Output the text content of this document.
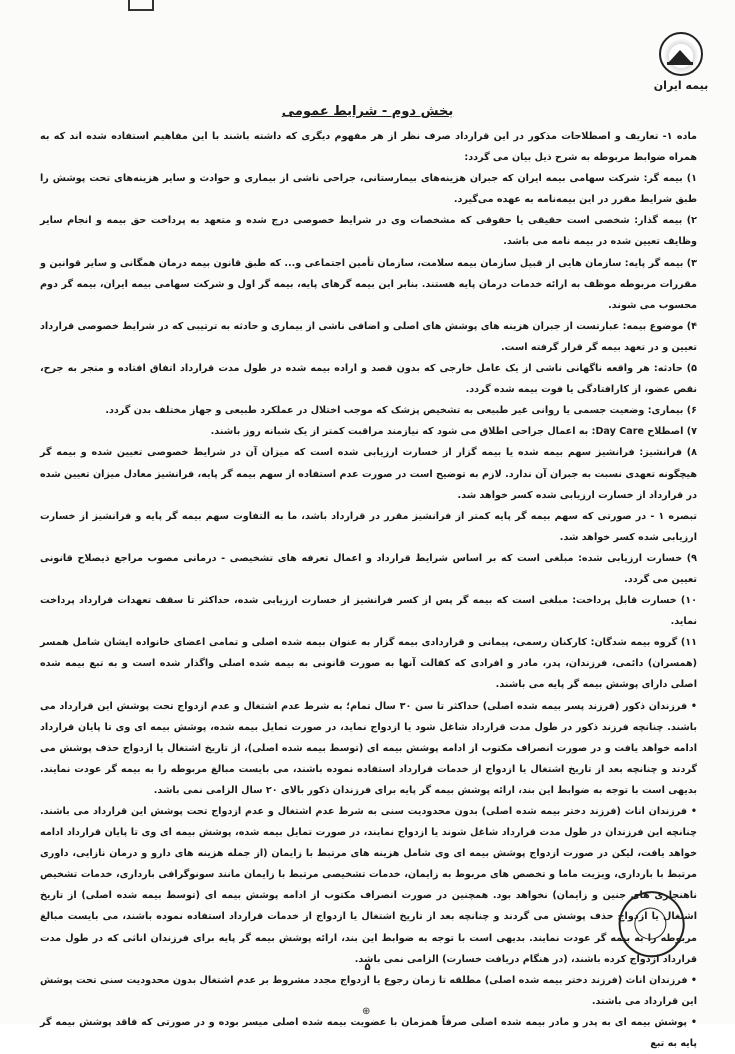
بیمه ایران
بخش دوم - شرایط عمومی

ماده ۱- تعاریف و اصطلاحات مذکور در این قرارداد صرف نظر از هر مفهوم دیگری که داشته باشند با این مفاهیم استفاده شده اند که به همراه ضوابط مربوطه به شرح ذیل بیان می گردد:

۱) بیمه گر: شرکت سهامی بیمه ایران که جبران هزینه‌های بیمارستانی، جراحی ناشی از بیماری و حوادث و سایر هزینه‌های تحت پوشش را طبق شرایط مقرر در این بیمه‌نامه به عهده می‌گیرد.

۲) بیمه گذار: شخصی است حقیقی یا حقوقی که مشخصات وی در شرایط خصوصی درج شده و متعهد به پرداخت حق بیمه و انجام سایر وظایف تعیین شده در بیمه نامه می باشد.

۳) بیمه گر پایه: سازمان هایی از قبیل سازمان بیمه سلامت، سازمان تأمین اجتماعی و... که طبق قانون بیمه درمان همگانی و سایر قوانین و مقررات مربوطه موظف به ارائه خدمات درمان پایه هستند. بنابر این بیمه گرهای پایه، بیمه گر اول و شرکت سهامی بیمه ایران، بیمه گر دوم محسوب می شوند.

۴) موضوع بیمه: عبارتست از جبران هزینه های پوشش های اصلی و اضافی ناشی از بیماری و حادثه به ترتیبی که در شرایط خصوصی قرارداد تعیین و در تعهد بیمه گر قرار گرفته است.

۵) حادثه: هر واقعه ناگهانی ناشی از یک عامل خارجی که بدون قصد و اراده بیمه شده در طول مدت قرارداد اتفاق افتاده و منجر به جرح، نقص عضو، از کارافتادگی یا فوت بیمه شده گردد.

۶) بیماری: وضعیت جسمی یا روانی غیر طبیعی به تشخیص پزشک که موجب اختلال در عملکرد طبیعی و جهاز مختلف بدن گردد.

۷) اصطلاح Day Care: به اعمال جراحی اطلاق می شود که نیازمند مراقبت کمتر از یک شبانه روز باشند.

۸) فرانشیز: فرانشیز سهم بیمه شده یا بیمه گزار از خسارت ارزیابی شده است که میزان آن در شرایط خصوصی تعیین شده و بیمه گر هیچگونه تعهدی نسبت به جبران آن ندارد. لازم به توضیح است در صورت عدم استفاده از سهم بیمه گر پایه، فرانشیز معادل میزان تعیین شده در قرارداد از خسارت ارزیابی شده کسر خواهد شد.

تبصره ۱ - در صورتی که سهم بیمه گر پایه کمتر از فرانشیز مقرر در قرارداد باشد، ما به التفاوت سهم بیمه گر پایه و فرانشیز از خسارت ارزیابی شده کسر خواهد شد.

۹) خسارت ارزیابی شده: مبلغی است که بر اساس شرایط قرارداد و اعمال تعرفه های تشخیصی - درمانی مصوب مراجع ذیصلاح قانونی تعیین می گردد.

۱۰) خسارت قابل پرداخت: مبلغی است که بیمه گر پس از کسر فرانشیز از خسارت ارزیابی شده، حداکثر تا سقف تعهدات قرارداد پرداخت نماید.

۱۱) گروه بیمه شدگان: کارکنان رسمی، پیمانی و قراردادی بیمه گزار به عنوان بیمه شده اصلی و تمامی اعضای خانواده ایشان شامل همسر (همسران) دائمی، فرزندان، پدر، مادر و افرادی که کفالت آنها به صورت قانونی به بیمه شده اصلی واگذار شده است و به تبع بیمه شده اصلی دارای پوشش بیمه گر پایه می باشند.

• فرزندان ذکور (فرزند پسر بیمه شده اصلی) حداکثر تا سن ۳۰ سال تمام؛ به شرط عدم اشتغال و عدم ازدواج تحت پوشش این قرارداد می باشند. چنانچه فرزند ذکور در طول مدت قرارداد شاغل شود یا ازدواج نماید، در صورت تمایل بیمه شده، پوشش بیمه ای وی تا پایان قرارداد ادامه خواهد یافت و در صورت انصراف مکتوب از ادامه پوشش بیمه ای (توسط بیمه شده اصلی)، از تاریخ اشتغال یا ازدواج حذف پوشش می گردند و چنانچه بعد از تاریخ اشتغال یا ازدواج از خدمات قرارداد استفاده نموده باشند، می بایست مبالغ مربوطه را به بیمه گر عودت نمایند. بدیهی است با توجه به ضوابط این بند، ارائه پوشش بیمه گر پایه برای فرزندان ذکور بالای ۲۰ سال الزامی نمی باشد.

• فرزندان اناث (فرزند دختر بیمه شده اصلی) بدون محدودیت سنی به شرط عدم اشتغال و عدم ازدواج تحت پوشش این قرارداد می باشند. چنانچه این فرزندان در طول مدت قرارداد شاغل شوند یا ازدواج نمایند، در صورت تمایل بیمه شده، پوشش بیمه ای وی تا پایان قرارداد ادامه خواهد یافت، لیکن در صورت ازدواج پوشش بیمه ای وی شامل هزینه های مرتبط با زایمان (از جمله هزینه های دارو و درمان نازایی، داوری مرتبط با بارداری، ویزیت ماما و تخصص های مربوط به زایمان، خدمات تشخیصی مرتبط با زایمان مانند سونوگرافی بارداری، خدمات تشخیص ناهنجاری های جنین و زایمان) نخواهد بود. همچنین در صورت انصراف مکتوب از ادامه پوشش بیمه ای (توسط بیمه شده اصلی) از تاریخ اشتغال یا ازدواج حذف پوشش می گردند و چنانچه بعد از تاریخ اشتغال یا ازدواج از خدمات قرارداد استفاده نموده باشند، می بایست مبالغ مربوطه را به بیمه گر عودت نمایند. بدیهی است با توجه به ضوابط این بند، ارائه پوشش بیمه گر پایه برای فرزندان اناثی که در طول مدت قرارداد ازدواج کرده باشند، (در هنگام دریافت خسارت) الزامی نمی باشد.

• فرزندان اناث (فرزند دختر بیمه شده اصلی) مطلقه تا زمان رجوع یا ازدواج مجدد مشروط بر عدم اشتغال بدون محدودیت سنی تحت پوشش این قرارداد می باشند.

• پوشش بیمه ای به پدر و مادر بیمه شده اصلی صرفاً همزمان با عضویت بیمه شده اصلی میسر بوده و در صورتی که فاقد پوشش بیمه گر پایه به تبع

۵
⊕
